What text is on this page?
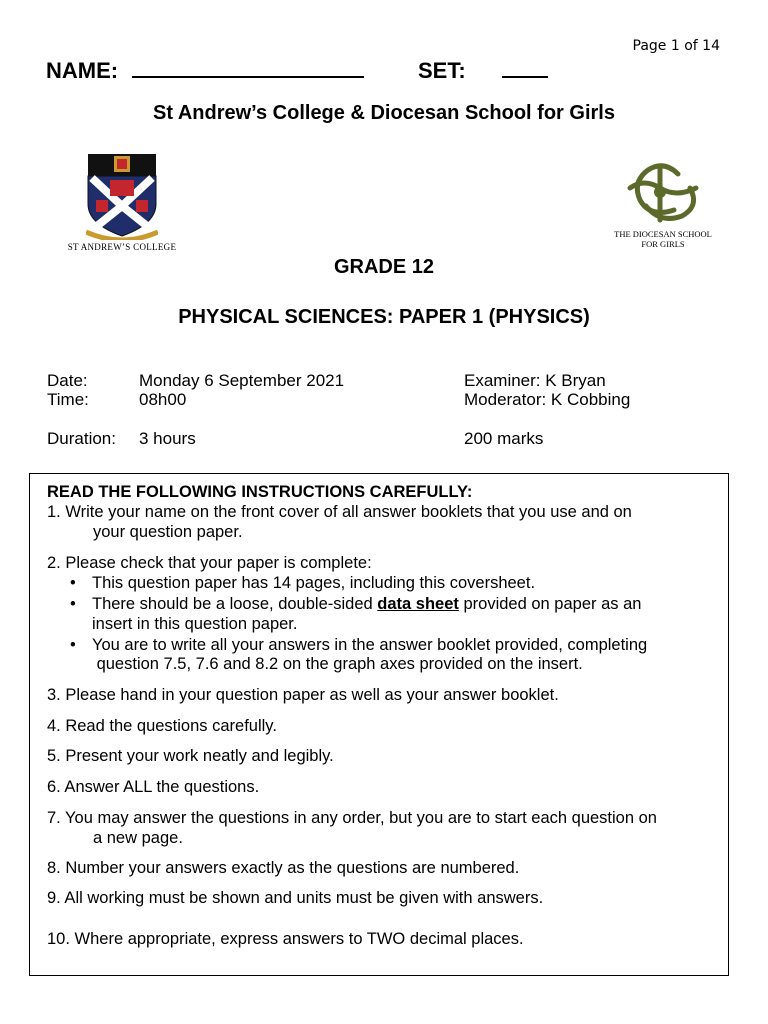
Page 1 of 14
NAME:	SET:
St Andrew’s College & Diocesan School for Girls
ST ANDREW’S COLLEGE
THE DIOCESAN SCHOOL
FOR GIRLS
GRADE 12
PHYSICAL SCIENCES: PAPER 1 (PHYSICS)
Date:	Monday 6 September 2021
Time:	08h00
Duration: 3 hours
Examiner: K Bryan
Moderator: K Cobbing
200 marks
READ THE FOLLOWING INSTRUCTIONS CAREFULLY:
1. Write your name on the front cover of all answer booklets that you use and on
your question paper.
2. Please check that your paper is complete:
• This question paper has 14 pages, including this coversheet.
• There should be a loose, double-sided data sheet provided on paper as an
insert in this question paper.
• You are to write all your answers in the answer booklet provided, completing
question 7.5, 7.6 and 8.2 on the graph axes provided on the insert.
3. Please hand in your question paper as well as your answer booklet.
4. Read the questions carefully.
5. Present your work neatly and legibly.
6. Answer ALL the questions.
7. You may answer the questions in any order, but you are to start each question on
a new page.
8. Number your answers exactly as the questions are numbered.
9. All working must be shown and units must be given with answers.
10. Where appropriate, express answers to TWO decimal places.
